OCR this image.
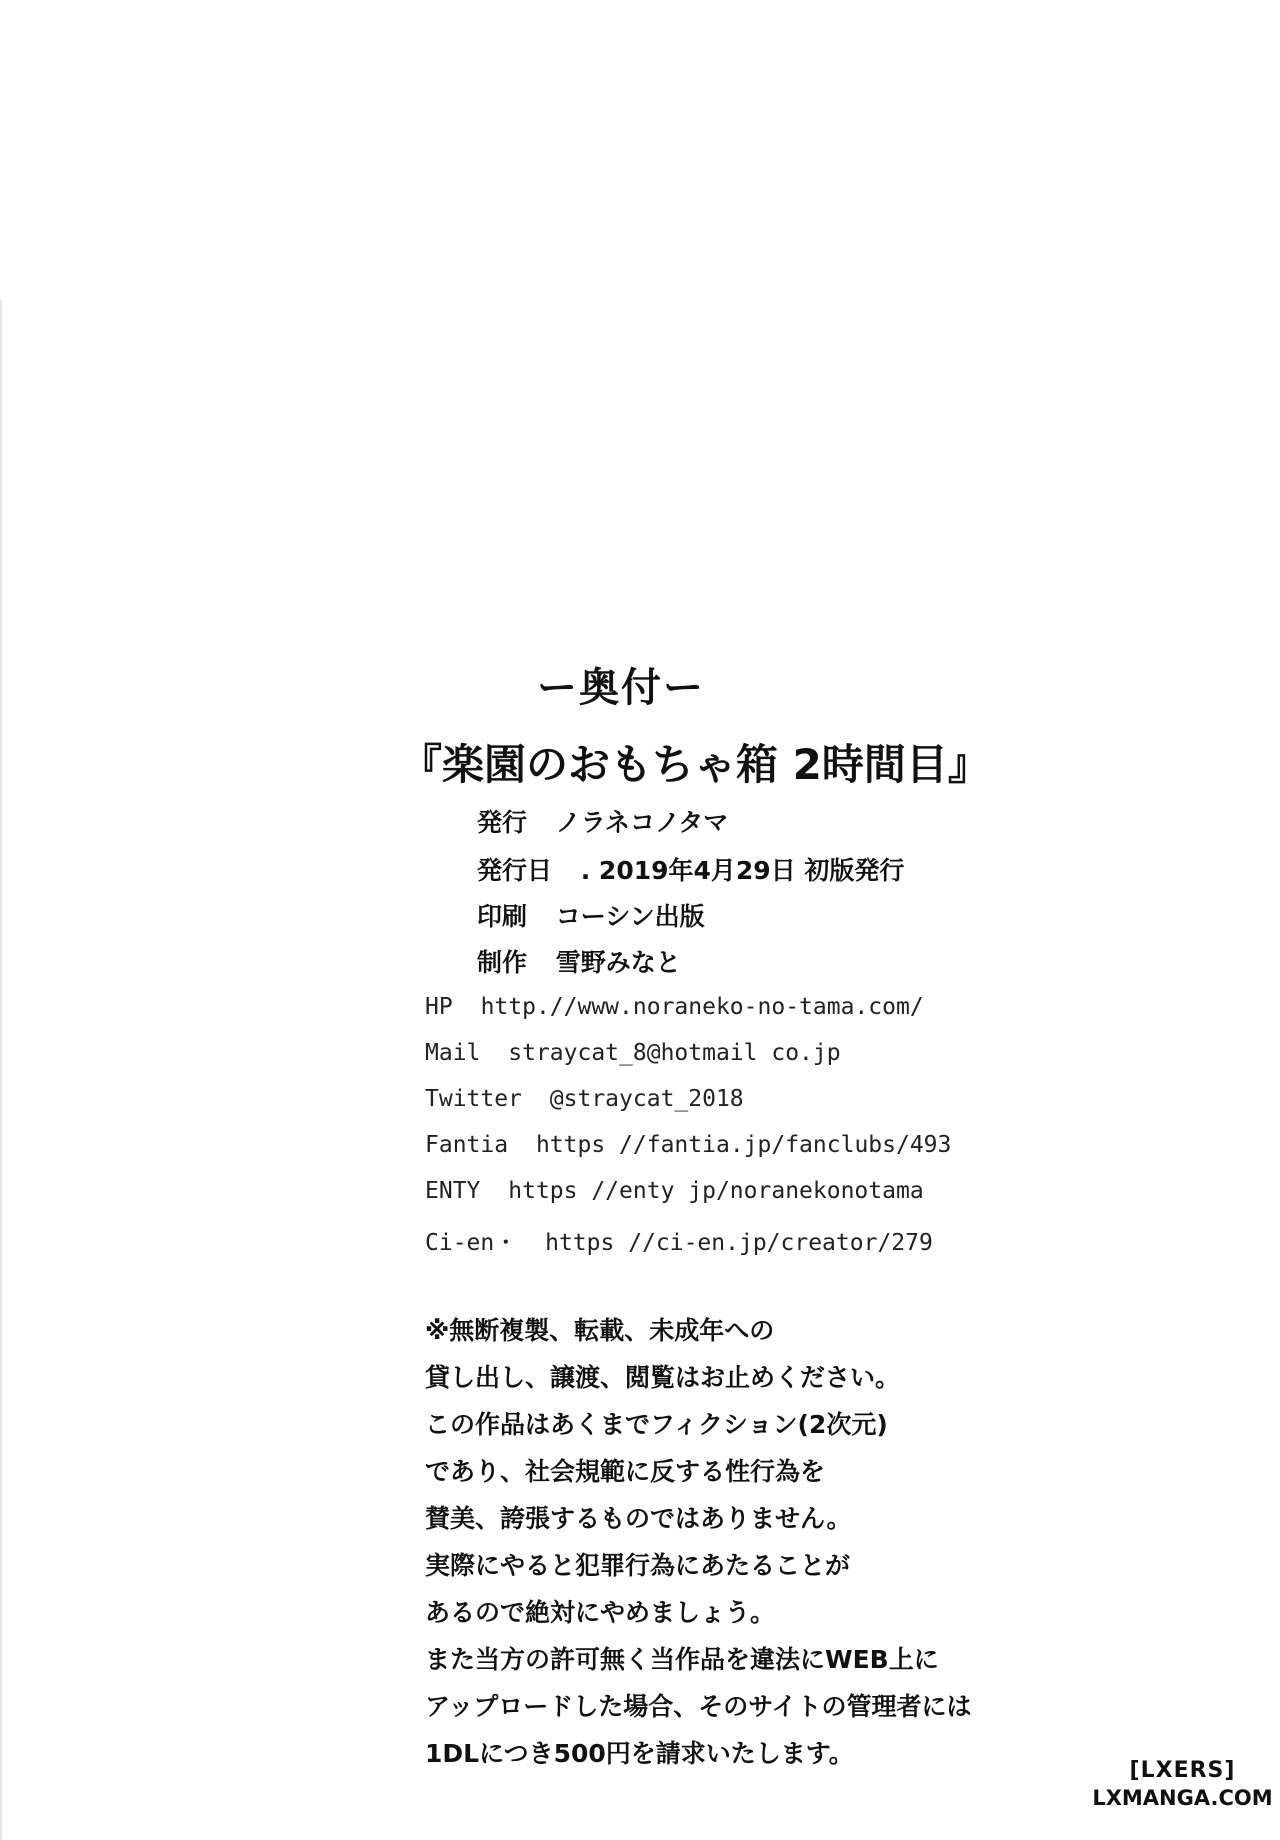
ー奥付ー
『楽園のおもちゃ箱 2時間目』
発行 ノラネコノタマ
発行日 . 2019年4月29日 初版発行
印刷 コーシン出版
制作 雪野みなと
HP http.//www.noraneko-no-tama.com/
Mail straycat_8@hotmail co.jp
Twitter @straycat_2018
Fantia https //fantia.jp/fanclubs/493
ENTY https //enty jp/noranekonotama
Ci-en・ https //ci-en.jp/creator/279
※無断複製、転載、未成年への
貸し出し、譲渡、閲覧はお止めください。
この作品はあくまでフィクション(2次元)
であり、社会規範に反する性行為を
賛美、誇張するものではありません。
実際にやると犯罪行為にあたることが
あるので絶対にやめましょう。
また当方の許可無く当作品を違法にWEB上に
アップロードした場合、そのサイトの管理者には
1DLにつき500円を請求いたします。
[LXERS]
LXMANGA.COM
